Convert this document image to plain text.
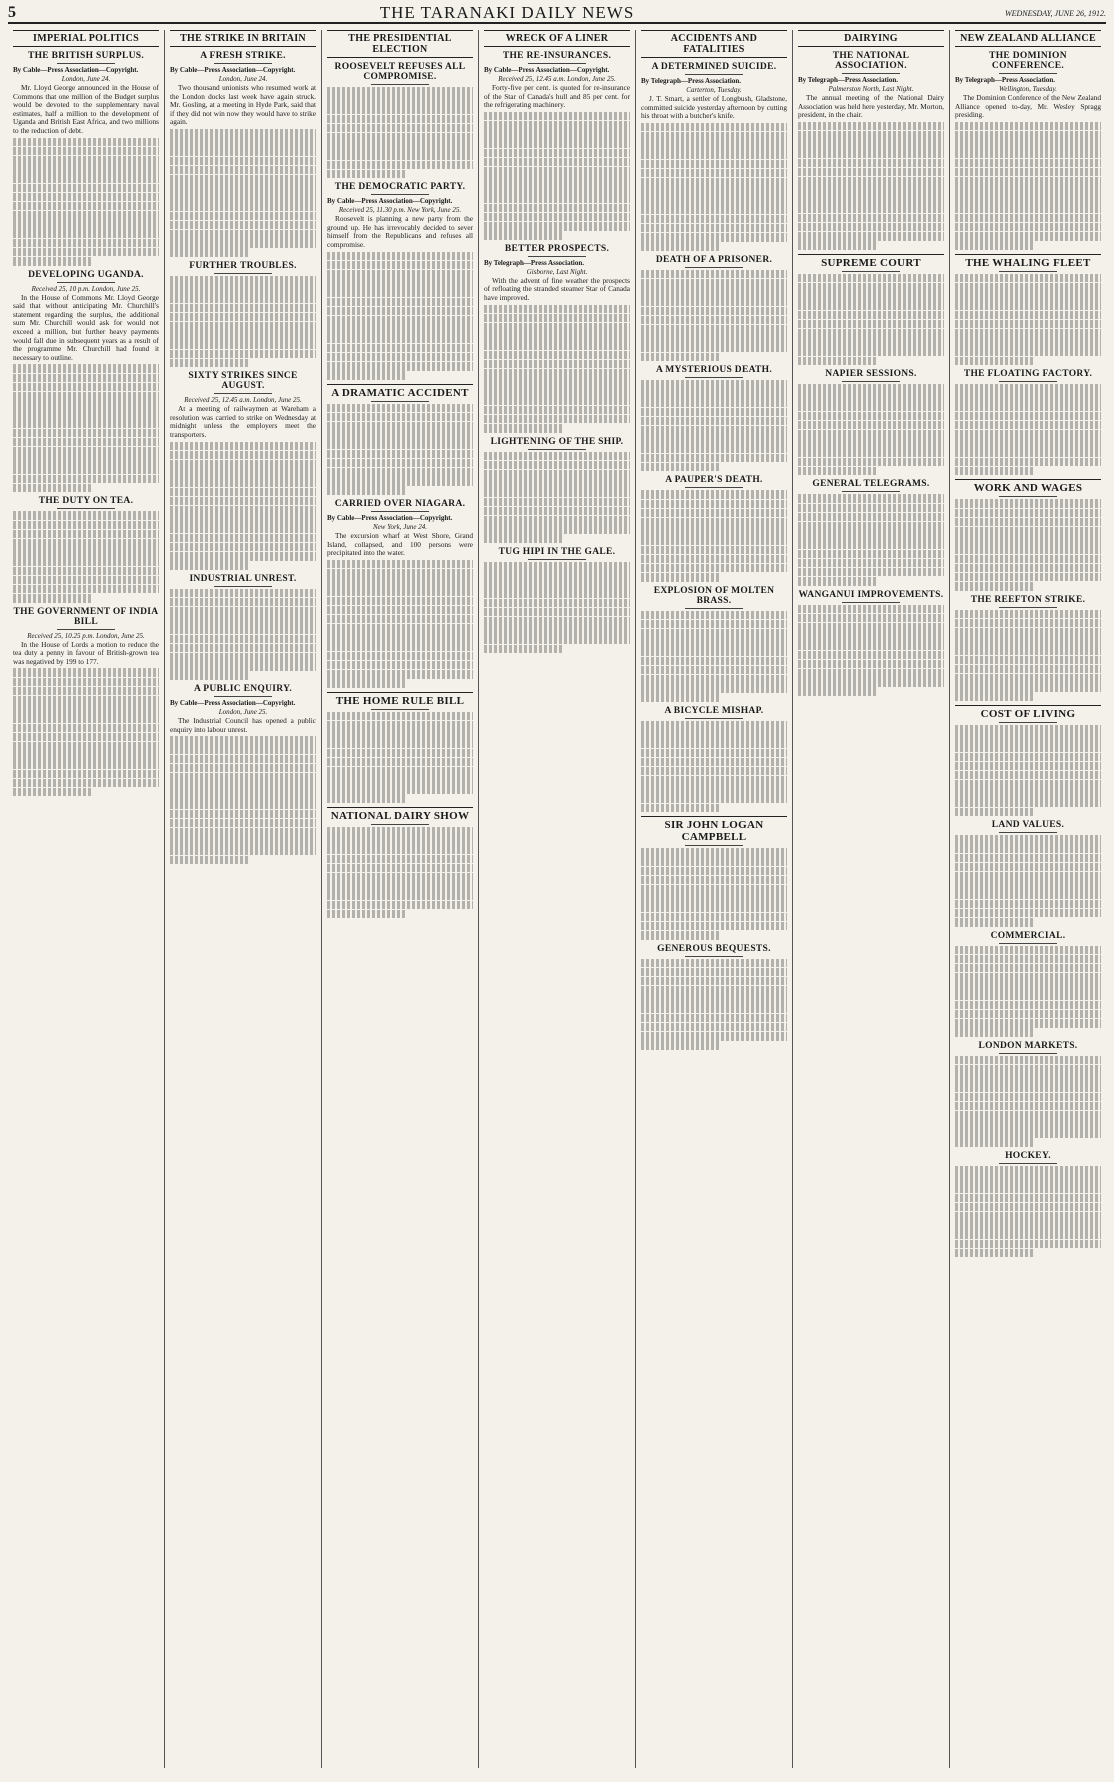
5	THE TARANAKI DAILY NEWS	WEDNESDAY, JUNE 26, 1912.
IMPERIAL POLITICS
THE BRITISH SURPLUS.
By Cable—Press Association—Copyright.
London, June 24.

Mr. Lloyd George announced in the House of Commons that one million of the Budget surplus would be devoted to the supplementary naval estimates, half a million to the development of Uganda and British East Africa, and two millions to the reduction of debt.

DEVELOPING UGANDA.
Received 25, 10 p.m. London, June 25.

In the House of Commons Mr. Lloyd George said that without anticipating Mr. Churchill's statement regarding the surplus, the additional sum Mr. Churchill would ask for would not exceed a million, but further heavy payments would fall due in subsequent years as a result of the programme Mr. Churchill had found it necessary to outline.

THE DUTY ON TEA.
THE GOVERNMENT OF INDIA BILL
Received 25, 10.25 p.m. London, June 25.

In the House of Lords a motion to reduce the tea duty a penny in favour of British-grown tea was negatived by 199 to 177.

THE STRIKE IN BRITAIN
A FRESH STRIKE.
By Cable—Press Association—Copyright.
London, June 24.

Two thousand unionists who resumed work at the London docks last week have again struck. Mr. Gosling, at a meeting in Hyde Park, said that if they did not win now they would have to strike again.

FURTHER TROUBLES.
SIXTY STRIKES SINCE AUGUST.
Received 25, 12.45 a.m. London, June 25.

At a meeting of railwaymen at Wareham a resolution was carried to strike on Wednesday at midnight unless the employers meet the transporters.

INDUSTRIAL UNREST.
A PUBLIC ENQUIRY.
By Cable—Press Association—Copyright.
London, June 25.

The Industrial Council has opened a public enquiry into labour unrest.

THE PRESIDENTIAL ELECTION
ROOSEVELT REFUSES ALL COMPROMISE.
THE DEMOCRATIC PARTY.
By Cable—Press Association—Copyright.
Received 25, 11.30 p.m. New York, June 25.

Roosevelt is planning a new party from the ground up. He has irrevocably decided to sever himself from the Republicans and refuses all compromise.

A DRAMATIC ACCIDENT
CARRIED OVER NIAGARA.
By Cable—Press Association—Copyright.
New York, June 24.

The excursion wharf at West Shore, Grand Island, collapsed, and 100 persons were precipitated into the water.

THE HOME RULE BILL
NATIONAL DAIRY SHOW
WRECK OF A LINER
THE RE-INSURANCES.
By Cable—Press Association—Copyright.
Received 25, 12.45 a.m. London, June 25.

Forty-five per cent. is quoted for re-insurance of the Star of Canada's hull and 85 per cent. for the refrigerating machinery.

BETTER PROSPECTS.
By Telegraph—Press Association.
Gisborne, Last Night.

With the advent of fine weather the prospects of refloating the stranded steamer Star of Canada have improved.

LIGHTENING OF THE SHIP.
TUG HIPI IN THE GALE.
ACCIDENTS AND FATALITIES
A DETERMINED SUICIDE.
By Telegraph—Press Association.
Carterton, Tuesday.

J. T. Smart, a settler of Longbush, Gladstone, committed suicide yesterday afternoon by cutting his throat with a butcher's knife.

DEATH OF A PRISONER.
A MYSTERIOUS DEATH.
A PAUPER'S DEATH.
EXPLOSION OF MOLTEN BRASS.
A BICYCLE MISHAP.
SIR JOHN LOGAN CAMPBELL
GENEROUS BEQUESTS.
DAIRYING
THE NATIONAL ASSOCIATION.
By Telegraph—Press Association.
Palmerston North, Last Night.

The annual meeting of the National Dairy Association was held here yesterday, Mr. Morton, president, in the chair.

SUPREME COURT
NAPIER SESSIONS.
GENERAL TELEGRAMS.
WANGANUI IMPROVEMENTS.
NEW ZEALAND ALLIANCE
THE DOMINION CONFERENCE.
By Telegraph—Press Association.
Wellington, Tuesday.

The Dominion Conference of the New Zealand Alliance opened to-day, Mr. Wesley Spragg presiding.

THE WHALING FLEET
THE FLOATING FACTORY.
WORK AND WAGES
THE REEFTON STRIKE.
COST OF LIVING
LAND VALUES.
COMMERCIAL.
LONDON MARKETS.
HOCKEY.
